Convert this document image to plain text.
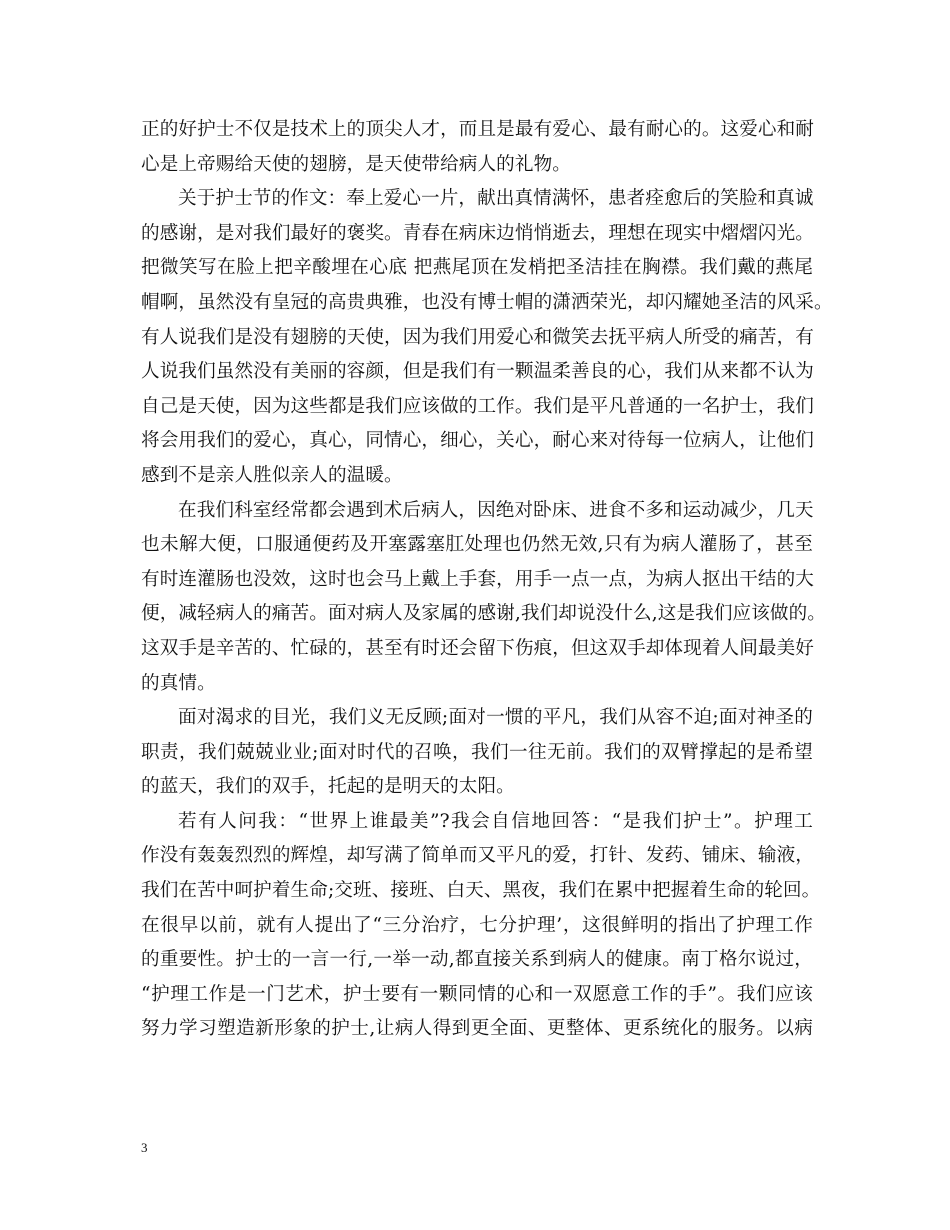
正的好护士不仅是技术上的顶尖人才，而且是最有爱心、最有耐心的。这爱心和耐
心是上帝赐给天使的翅膀，是天使带给病人的礼物。
关于护士节的作文：奉上爱心一片，献出真情满怀，患者痊愈后的笑脸和真诚
的感谢，是对我们最好的褒奖。青春在病床边悄悄逝去，理想在现实中熠熠闪光。
把微笑写在脸上把辛酸埋在心底 把燕尾顶在发梢把圣洁挂在胸襟。我们戴的燕尾
帽啊，虽然没有皇冠的高贵典雅，也没有博士帽的潇洒荣光，却闪耀她圣洁的风采。
有人说我们是没有翅膀的天使，因为我们用爱心和微笑去抚平病人所受的痛苦，有
人说我们虽然没有美丽的容颜，但是我们有一颗温柔善良的心，我们从来都不认为
自己是天使，因为这些都是我们应该做的工作。我们是平凡普通的一名护士，我们
将会用我们的爱心，真心，同情心，细心，关心，耐心来对待每一位病人，让他们
感到不是亲人胜似亲人的温暖。
在我们科室经常都会遇到术后病人，因绝对卧床、进食不多和运动减少，几天
也未解大便，口服通便药及开塞露塞肛处理也仍然无效,只有为病人灌肠了，甚至
有时连灌肠也没效，这时也会马上戴上手套，用手一点一点，为病人抠出干结的大
便，减轻病人的痛苦。面对病人及家属的感谢,我们却说没什么,这是我们应该做的。
这双手是辛苦的、忙碌的，甚至有时还会留下伤痕，但这双手却体现着人间最美好
的真情。
面对渴求的目光，我们义无反顾;面对一惯的平凡，我们从容不迫;面对神圣的
职责，我们兢兢业业;面对时代的召唤，我们一往无前。我们的双臂撑起的是希望
的蓝天，我们的双手，托起的是明天的太阳。
若有人问我：“世界上谁最美”?我会自信地回答：“是我们护士”。护理工
作没有轰轰烈烈的辉煌，却写满了简单而又平凡的爱，打针、发药、铺床、输液，
我们在苦中呵护着生命;交班、接班、白天、黑夜，我们在累中把握着生命的轮回。
在很早以前，就有人提出了“三分治疗，七分护理’，这很鲜明的指出了护理工作
的重要性。护士的一言一行,一举一动,都直接关系到病人的健康。南丁格尔说过，
“护理工作是一门艺术，护士要有一颗同情的心和一双愿意工作的手”。我们应该
努力学习塑造新形象的护士,让病人得到更全面、更整体、更系统化的服务。以病
3
